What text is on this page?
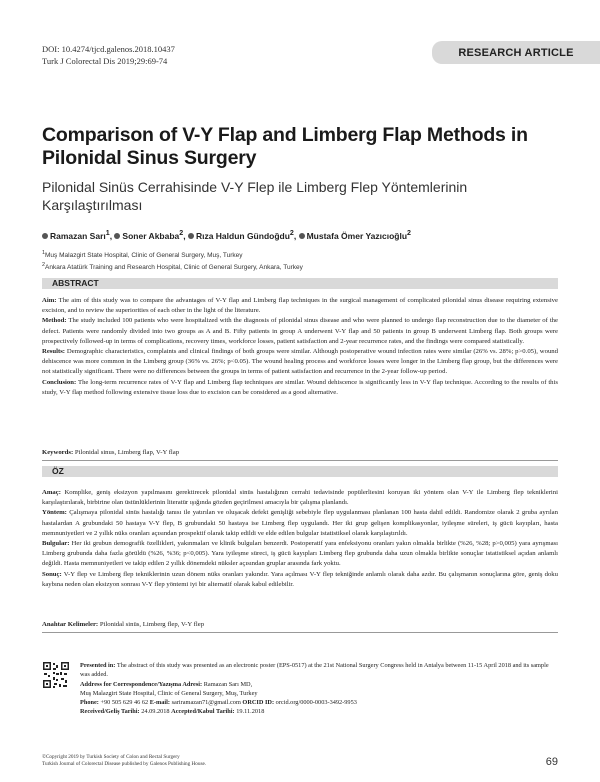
DOI: 10.4274/tjcd.galenos.2018.10437
Turk J Colorectal Dis 2019;29:69-74
RESEARCH ARTICLE
Comparison of V-Y Flap and Limberg Flap Methods in Pilonidal Sinus Surgery
Pilonidal Sinüs Cerrahisinde V-Y Flep ile Limberg Flep Yöntemlerinin Karşılaştırılması
Ramazan Sarı$^1$, Soner Akbaba$^2$, Rıza Haldun Gündoğdu$^2$, Mustafa Ömer Yazıcıoğlu$^2$
$^1$Muş Malazgirt State Hospital, Clinic of General Surgery, Muş, Turkey
$^2$Ankara Atatürk Training and Research Hospital, Clinic of General Surgery, Ankara, Turkey
ABSTRACT
Aim: The aim of this study was to compare the advantages of V-Y flap and Limberg flap techniques in the surgical management of complicated pilonidal sinus disease requiring extensive excision, and to review the superiorities of each other in the light of the literature.
Method: The study included 100 patients who were hospitalized with the diagnosis of pilonidal sinus disease and who were planned to undergo flap reconstruction due to the diameter of the defect. Patients were randomly divided into two groups as A and B. Fifty patients in group A underwent V-Y flap and 50 patients in group B underwent Limberg flap. Both groups were prospectively followed-up in terms of complications, recovery times, workforce losses, patient satisfaction and 2-year recurrence rates, and the findings were compared statistically.
Results: Demographic characteristics, complaints and clinical findings of both groups were similar. Although postoperative wound infection rates were similar (26% vs. 28%; p>0.05), wound dehiscence was more common in the Limberg group (36% vs. 26%; p<0.05). The wound healing process and workforce losses were longer in the Limberg flap group, but the differences were not statistically significant. There were no differences between the groups in terms of patient satisfaction and recurrence in the 2-year follow-up period.
Conclusion: The long-term recurrence rates of V-Y flap and Limberg flap techniques are similar. Wound dehiscence is significantly less in V-Y flap technique. According to the results of this study, V-Y flap method following extensive tissue loss due to excision can be considered as a good alternative.
Keywords: Pilonidal sinus, Limberg flap, V-Y flap
ÖZ
Amaç: Komplike, geniş eksizyon yapılmasını gerektirecek pilonidal sinüs hastalığının cerrahi tedavisinde popülerliesini koruyan iki yöntem olan V-Y ile Limberg flep tekniklerini karşılaştırılarak, birbirine olan üstünlüklerinin literatür ışığında gözden geçirilmesi amacıyla bir çalışma planlandı.
Yöntem: Çalışmaya pilonidal sinüs hastalığı tanısı ile yatırılan ve oluşacak defekt genişliği sebebiyle flep uygulanması planlanan 100 hasta dahil edildi. Randomize olarak 2 gruba ayrılan hastalardan A grubundaki 50 hastaya V-Y flep, B grubundaki 50 hastaya ise Limberg flep uygulandı. Her iki grup gelişen komplikasyonlar, iyileşme süreleri, iş gücü kayıpları, hasta memnuniyetleri ve 2 yıllık nüks oranları açısından prospektif olarak takip edildi ve elde edilen bulgular istatistiksel olarak karşılaştırıldı.
Bulgular: Her iki grubun demografik özellikleri, yakınmaları ve klinik bulguları benzerdi. Postoperatif yara enfeksiyonu oranları yakın olmakla birlikte (%26, %28; p>0,005) yara ayrışması Limberg grubunda daha fazla görüldü (%26, %36; p<0,005). Yara iyileşme süreci, iş gücü kayıpları Limberg flep grubunda daha uzun olmakla birlikte sonuçlar istatistiksel açıdan anlamlı değildi. Hasta memnuniyetleri ve takip edilen 2 yıllık dönemdeki nüksler açısından gruplar arasında fark yoktu.
Sonuç: V-Y flep ve Limberg flep tekniklerinin uzun dönem nüks oranları yakındır. Yara açılması V-Y flep tekniğinde anlamlı olarak daha azdır. Bu çalışmanın sonuçlarına göre, geniş doku kaybına neden olan eksizyon sonrası V-Y flep yöntemi iyi bir alternatif olarak kabul edilebilir.
Anahtar Kelimeler: Pilonidal sinüs, Limberg flep, V-Y flep
Presented in: The abstract of this study was presented as an electronic poster (EPS-0517) at the 21st National Surgery Congress held in Antalya between 11-15 April 2018 and its sample was added.
Address for Correspondence/Yazışma Adresi: Ramazan Sarı MD,
Muş Malazgirt State Hospital, Clinic of General Surgery, Muş, Turkey
Phone: +90 505 629 46 62 E-mail: sariramazan71@gmail.com ORCID ID: orcid.org/0000-0003-3492-9953
Received/Geliş Tarihi: 24.09.2018 Accepted/Kabul Tarihi: 19.11.2018
©Copyright 2019 by Turkish Society of Colon and Rectal Surgery
Turkish Journal of Colorectal Disease published by Galenos Publishing House.	69
